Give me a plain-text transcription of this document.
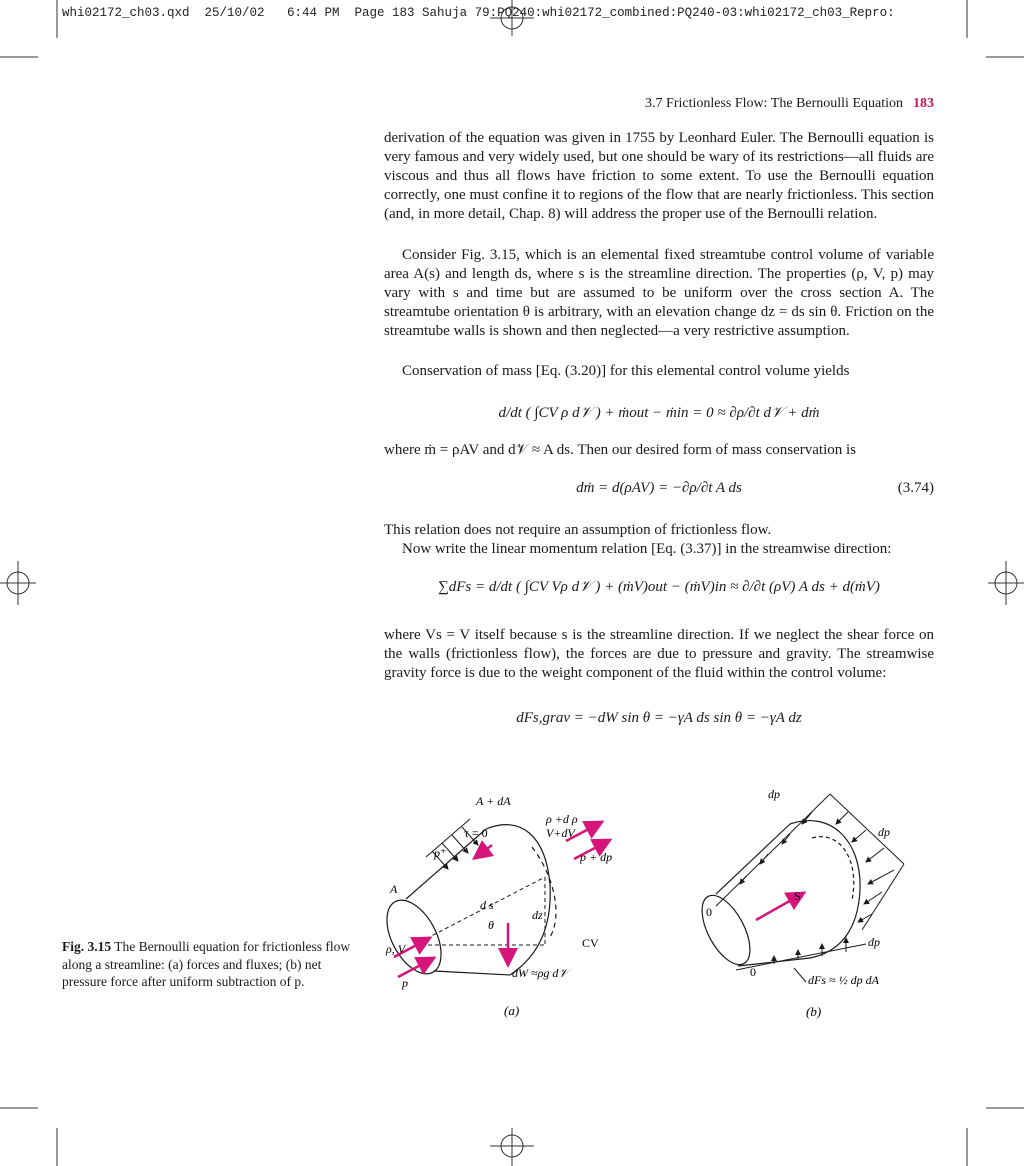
whi02172_ch03.qxd  25/10/02   6:44 PM  Page 183 Sahuja 79:PQ240:whi02172_combined:PQ240-03:whi02172_ch03_Repro:
3.7 Frictionless Flow: The Bernoulli Equation 183

derivation of the equation was given in 1755 by Leonhard Euler. The Bernoulli equation is very famous and very widely used, but one should be wary of its restrictions—all fluids are viscous and thus all flows have friction to some extent. To use the Bernoulli equation correctly, one must confine it to regions of the flow that are nearly frictionless. This section (and, in more detail, Chap. 8) will address the proper use of the Bernoulli relation.

Consider Fig. 3.15, which is an elemental fixed streamtube control volume of variable area A(s) and length ds, where s is the streamline direction. The properties (ρ, V, p) may vary with s and time but are assumed to be uniform over the cross section A. The streamtube orientation θ is arbitrary, with an elevation change dz = ds sin θ. Friction on the streamtube walls is shown and then neglected—a very restrictive assumption.

Conservation of mass [Eq. (3.20)] for this elemental control volume yields

d/dt ( ∫CV ρ d𝒱 ) + ṁout − ṁin = 0 ≈ ∂ρ/∂t d𝒱 + dṁ

where ṁ = ρAV and d𝒱 ≈ A ds. Then our desired form of mass conservation is

dṁ = d(ρAV) = −∂ρ/∂t A ds	(3.74)

This relation does not require an assumption of frictionless flow.

Now write the linear momentum relation [Eq. (3.37)] in the streamwise direction:

∑dFs = d/dt ( ∫CV Vρ d𝒱 ) + (ṁV)out − (ṁV)in ≈ ∂/∂t (ρV) A ds + d(ṁV)

where Vs = V itself because s is the streamline direction. If we neglect the shear force on the walls (frictionless flow), the forces are due to pressure and gravity. The streamwise gravity force is due to the weight component of the fluid within the control volume:

dFs,grav = −dW sin θ = −γA ds sin θ = −γA dz
Fig. 3.15 The Bernoulli equation for frictionless flow along a streamline: (a) forces and fluxes; (b) net pressure force after uniform subtraction of p.
A + dA
ρ +d ρ
V+dV
p + dp
τ = 0
p⁺
A
ρ, V
p
d s
θ
dz
CV
dW ≈ρg d𝒱
(a)
dp
dp
dp
S
0
0
dFs ≈ ½ dp dA
(b)
